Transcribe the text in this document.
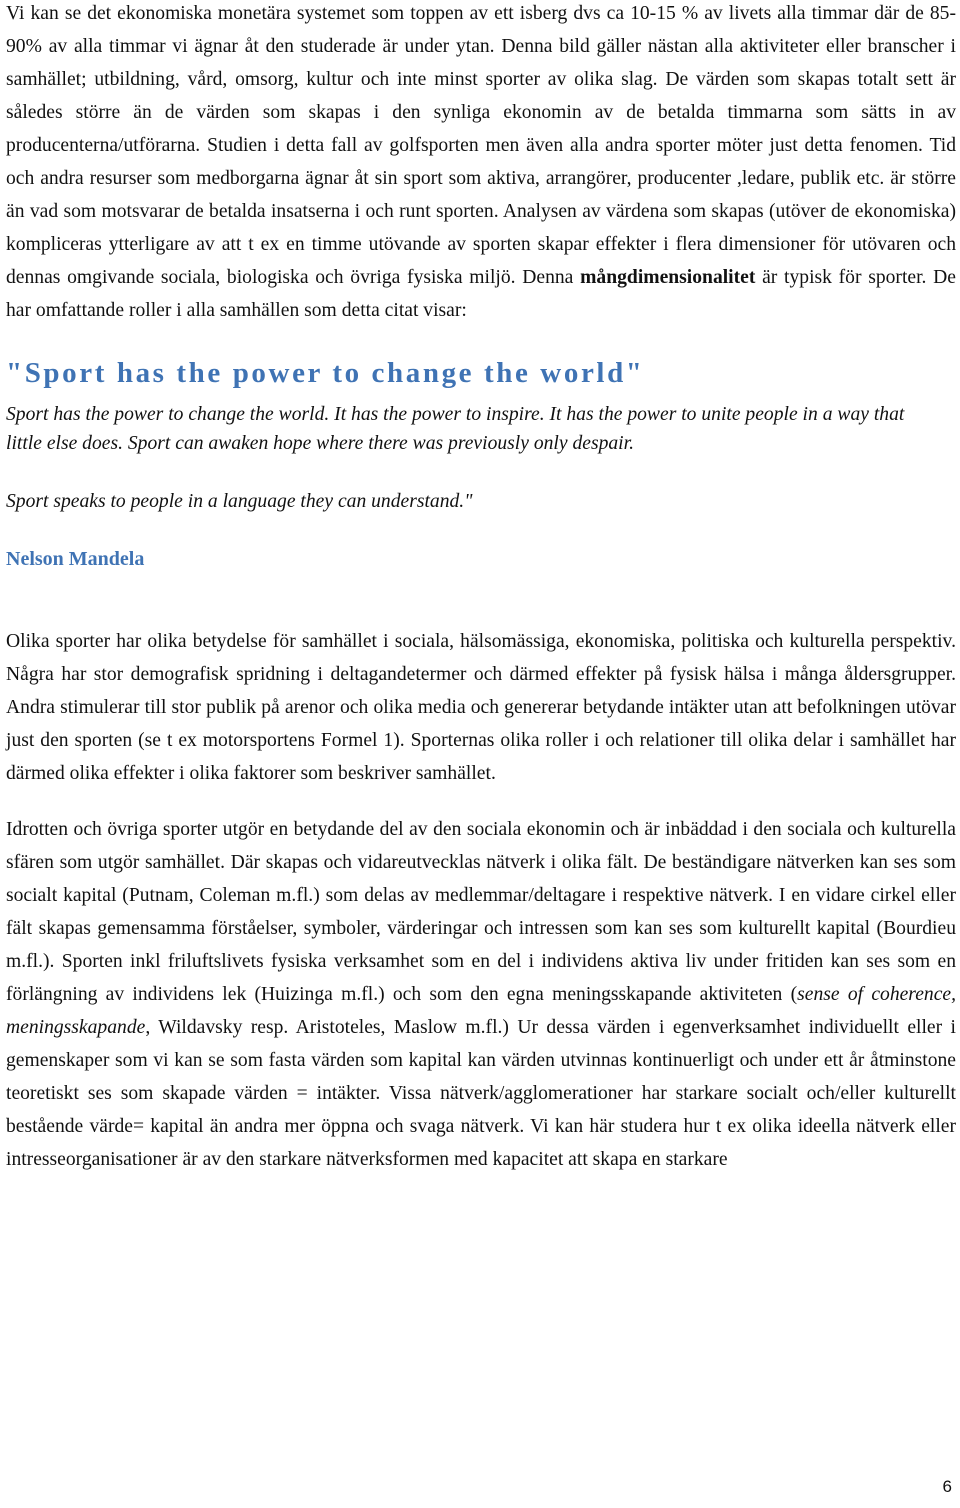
Vi kan se det ekonomiska monetära systemet som toppen av ett isberg dvs ca 10-15 % av livets alla timmar där de 85-90% av alla timmar vi ägnar åt den studerade är under ytan. Denna bild gäller nästan alla aktiviteter eller branscher i samhället; utbildning, vård, omsorg, kultur och inte minst sporter av olika slag. De värden som skapas totalt sett är således större än de värden som skapas i den synliga ekonomin av de betalda timmarna som sätts in av producenterna/utförarna. Studien i detta fall av golfsporten men även alla andra sporter möter just detta fenomen. Tid och andra resurser som medborgarna ägnar åt sin sport som aktiva, arrangörer, producenter ,ledare, publik etc. är större än vad som motsvarar de betalda insatserna i och runt sporten. Analysen av värdena som skapas (utöver de ekonomiska) kompliceras ytterligare av att t ex en timme utövande av sporten skapar effekter i flera dimensioner för utövaren och dennas omgivande sociala, biologiska och övriga fysiska miljö. Denna mångdimensionalitet är typisk för sporter. De har omfattande roller i alla samhällen som detta citat visar:

"Sport has the power to change the world"

Sport has the power to change the world. It has the power to inspire. It has the power to unite people in a way that little else does. Sport can awaken hope where there was previously only despair.

Sport speaks to people in a language they can understand."

Nelson Mandela

Olika sporter har olika betydelse för samhället i sociala, hälsomässiga, ekonomiska, politiska och kulturella perspektiv. Några har stor demografisk spridning i deltagandetermer och därmed effekter på fysisk hälsa i många åldersgrupper. Andra stimulerar till stor publik på arenor och olika media och genererar betydande intäkter utan att befolkningen utövar just den sporten (se t ex motorsportens Formel 1). Sporternas olika roller i och relationer till olika delar i samhället har därmed olika effekter i olika faktorer som beskriver samhället.

Idrotten och övriga sporter utgör en betydande del av den sociala ekonomin och är inbäddad i den sociala och kulturella sfären som utgör samhället. Där skapas och vidareutvecklas nätverk i olika fält. De beständigare nätverken kan ses som socialt kapital (Putnam, Coleman m.fl.) som delas av medlemmar/deltagare i respektive nätverk. I en vidare cirkel eller fält skapas gemensamma förståelser, symboler, värderingar och intressen som kan ses som kulturellt kapital (Bourdieu m.fl.). Sporten inkl friluftslivets fysiska verksamhet som en del i individens aktiva liv under fritiden kan ses som en förlängning av individens lek (Huizinga m.fl.) och som den egna meningsskapande aktiviteten (sense of coherence, meningsskapande, Wildavsky resp. Aristoteles, Maslow m.fl.) Ur dessa värden i egenverksamhet individuellt eller i gemenskaper som vi kan se som fasta värden som kapital kan värden utvinnas kontinuerligt och under ett år åtminstone teoretiskt ses som skapade värden = intäkter. Vissa nätverk/agglomerationer har starkare socialt och/eller kulturellt bestående värde= kapital än andra mer öppna och svaga nätverk. Vi kan här studera hur t ex olika ideella nätverk eller intresseorganisationer är av den starkare nätverksformen med kapacitet att skapa en starkare

6
